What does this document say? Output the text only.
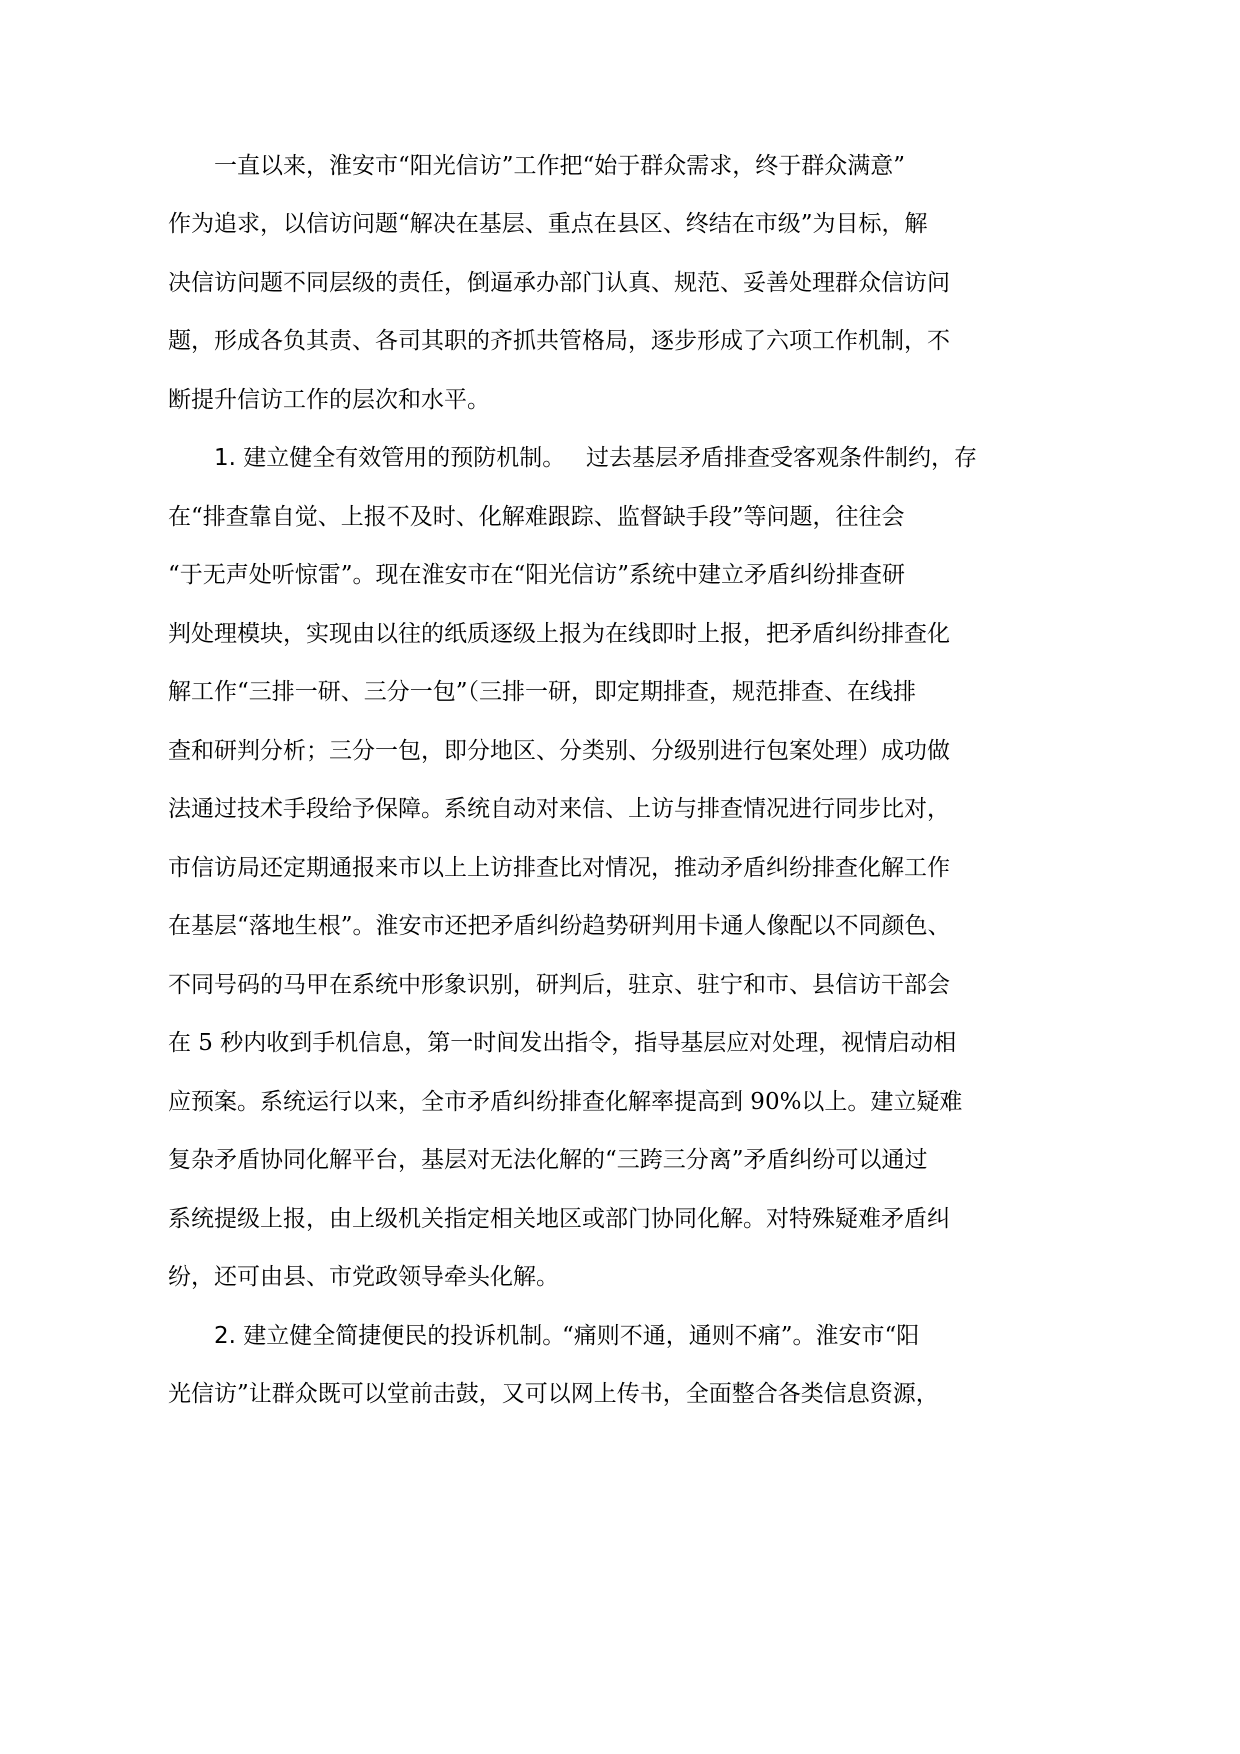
一直以来，淮安市“阳光信访”工作把“始于群众需求，终于群众满意”
作为追求，以信访问题“解决在基层、重点在县区、终结在市级”为目标，解
决信访问题不同层级的责任，倒逼承办部门认真、规范、妥善处理群众信访问
题，形成各负其责、各司其职的齐抓共管格局，逐步形成了六项工作机制，不
断提升信访工作的层次和水平。
1. 建立健全有效管用的预防机制。 过去基层矛盾排查受客观条件制约，存
在“排查靠自觉、上报不及时、化解难跟踪、监督缺手段”等问题，往往会
“于无声处听惊雷”。现在淮安市在“阳光信访”系统中建立矛盾纠纷排查研
判处理模块，实现由以往的纸质逐级上报为在线即时上报，把矛盾纠纷排查化
解工作“三排一研、三分一包”（三排一研，即定期排查，规范排查、在线排
查和研判分析；三分一包，即分地区、分类别、分级别进行包案处理）成功做
法通过技术手段给予保障。系统自动对来信、上访与排查情况进行同步比对，
市信访局还定期通报来市以上上访排查比对情况，推动矛盾纠纷排查化解工作
在基层“落地生根”。淮安市还把矛盾纠纷趋势研判用卡通人像配以不同颜色、
不同号码的马甲在系统中形象识别，研判后，驻京、驻宁和市、县信访干部会
在 5 秒内收到手机信息，第一时间发出指令，指导基层应对处理，视情启动相
应预案。系统运行以来，全市矛盾纠纷排查化解率提高到 90%以上。建立疑难
复杂矛盾协同化解平台，基层对无法化解的“三跨三分离”矛盾纠纷可以通过
系统提级上报，由上级机关指定相关地区或部门协同化解。对特殊疑难矛盾纠
纷，还可由县、市党政领导牵头化解。
2. 建立健全简捷便民的投诉机制。
“痛则不通，通则不痛”。淮安市“阳
光信访”让群众既可以堂前击鼓，又可以网上传书，全面整合各类信息资源，
